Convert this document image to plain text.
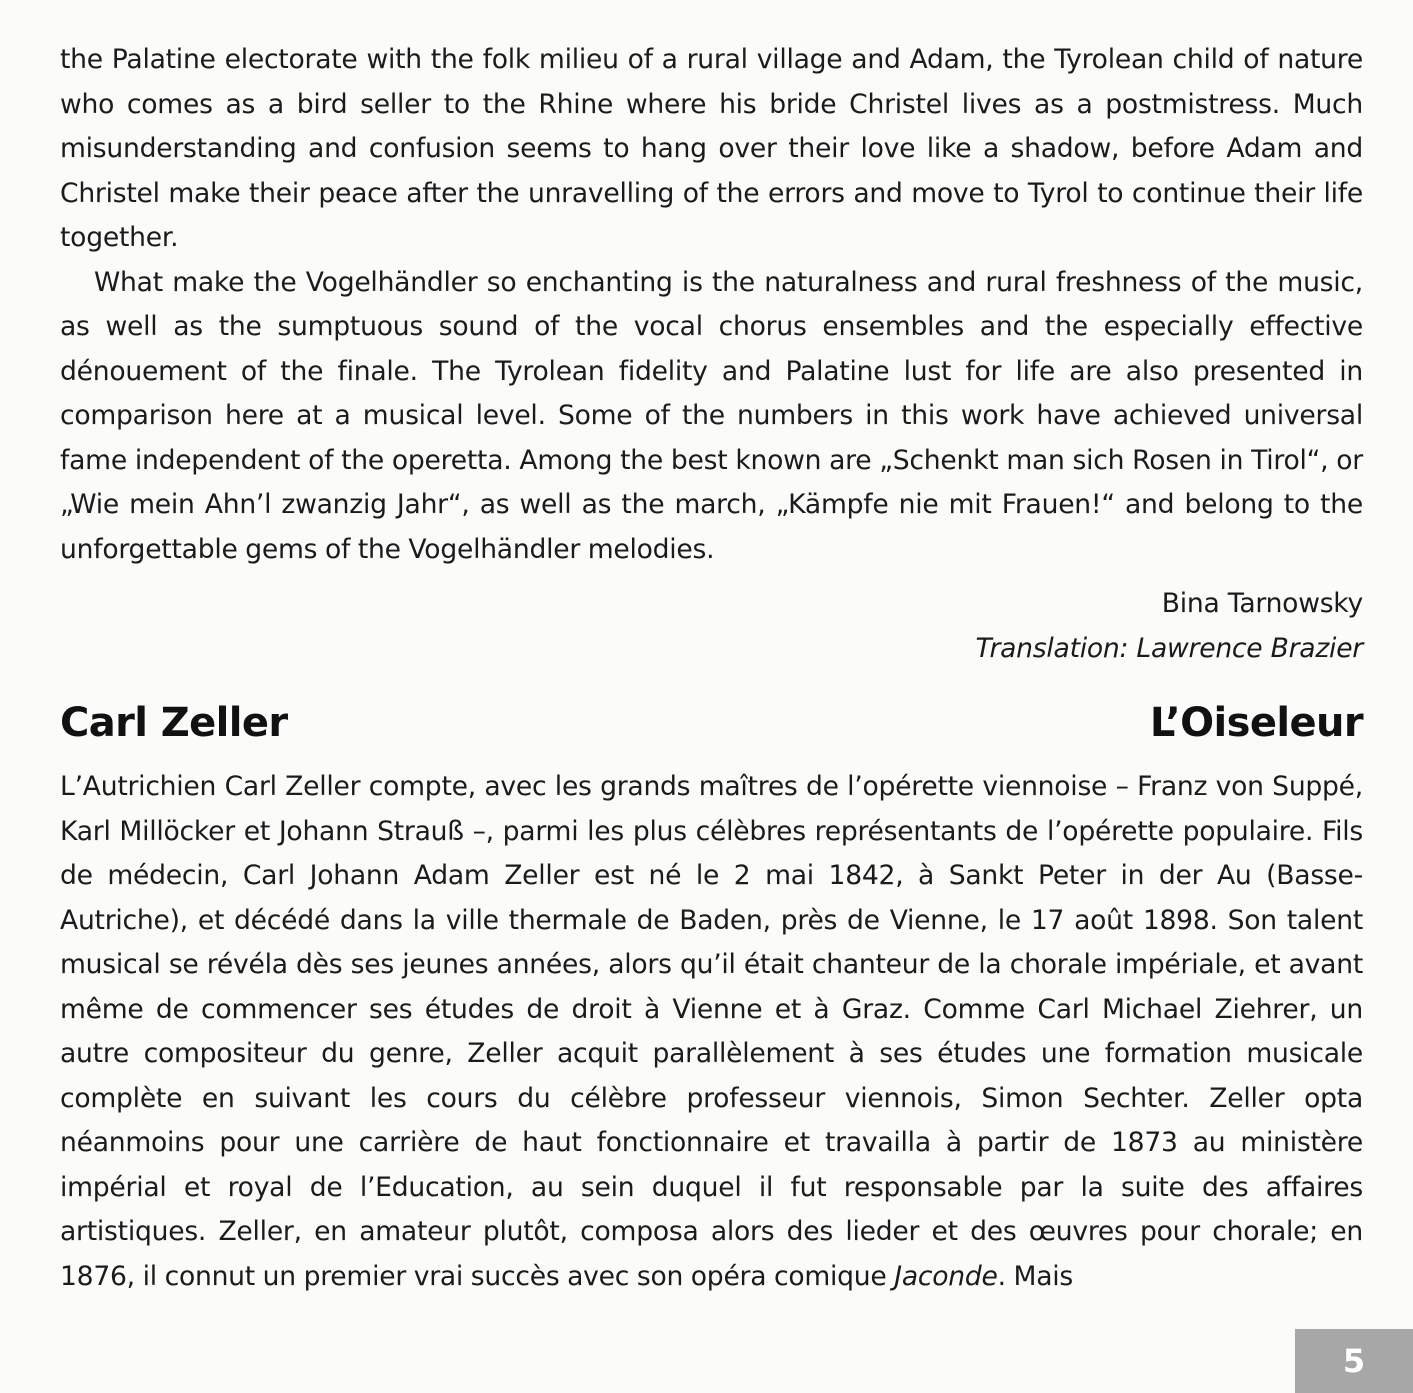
the Palatine electorate with the folk milieu of a rural village and Adam, the Tyrolean child of nature who comes as a bird seller to the Rhine where his bride Christel lives as a postmistress. Much misunderstanding and confusion seems to hang over their love like a shadow, before Adam and Christel make their peace after the unravelling of the errors and move to Tyrol to continue their life together.

What make the Vogelhändler so enchanting is the naturalness and rural freshness of the music, as well as the sumptuous sound of the vocal chorus ensembles and the especially effective dénouement of the finale. The Tyrolean fidelity and Palatine lust for life are also presented in comparison here at a musical level. Some of the numbers in this work have achieved universal fame independent of the operetta. Among the best known are „Schenkt man sich Rosen in Tirol“, or „Wie mein Ahn’l zwanzig Jahr“, as well as the march, „Kämpfe nie mit Frauen!“ and belong to the unforgettable gems of the Vogelhändler melodies.

Bina Tarnowsky
Translation: Lawrence Brazier
Carl Zeller	L’Oiseleur

L’Autrichien Carl Zeller compte, avec les grands maîtres de l’opérette viennoise – Franz von Suppé, Karl Millöcker et Johann Strauß –, parmi les plus célèbres représentants de l’opérette populaire. Fils de médecin, Carl Johann Adam Zeller est né le 2 mai 1842, à Sankt Peter in der Au (Basse-Autriche), et décédé dans la ville thermale de Baden, près de Vienne, le 17 août 1898. Son talent musical se révéla dès ses jeunes années, alors qu’il était chanteur de la chorale impériale, et avant même de commencer ses études de droit à Vienne et à Graz. Comme Carl Michael Ziehrer, un autre compositeur du genre, Zeller acquit parallèlement à ses études une formation musicale complète en suivant les cours du célèbre professeur viennois, Simon Sechter. Zeller opta néanmoins pour une carrière de haut fonctionnaire et travailla à partir de 1873 au ministère impérial et royal de l’Education, au sein duquel il fut responsable par la suite des affaires artistiques. Zeller, en amateur plutôt, composa alors des lieder et des œuvres pour chorale; en 1876, il connut un premier vrai succès avec son opéra comique Jaconde. Mais

5
